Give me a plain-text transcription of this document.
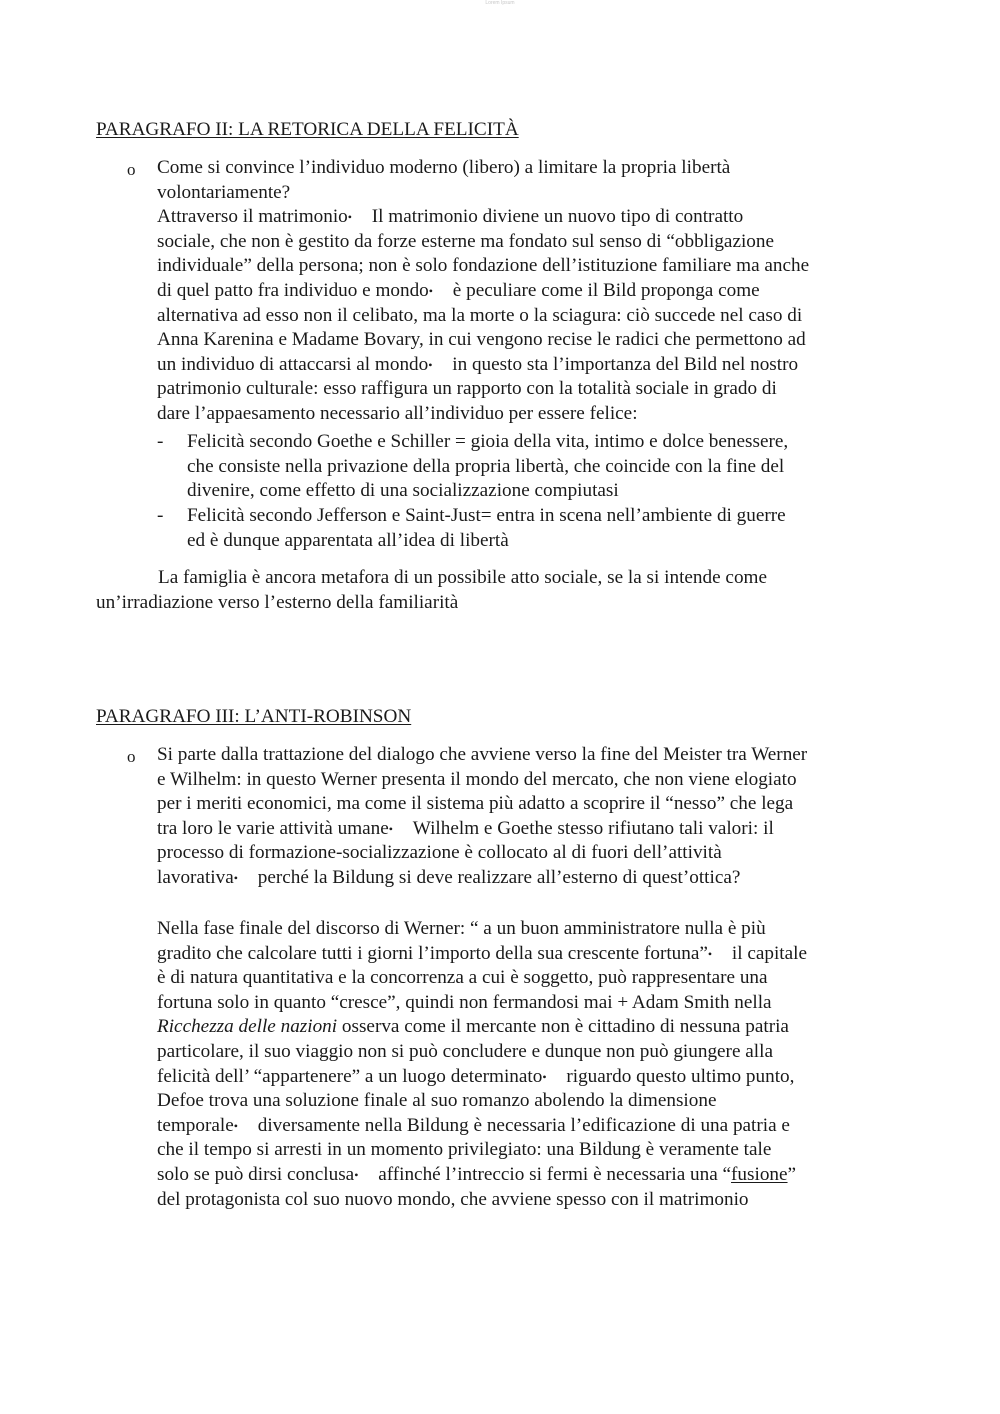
Lorem Ipsum
PARAGRAFO II: LA RETORICA DELLA FELICITÀ
o Come si convince l’individuo moderno (libero) a limitare la propria libertà
volontariamente?
Attraverso il matrimonio• Il matrimonio diviene un nuovo tipo di contratto
sociale, che non è gestito da forze esterne ma fondato sul senso di “obbligazione
individuale” della persona; non è solo fondazione dell’istituzione familiare ma anche
di quel patto fra individuo e mondo• è peculiare come il Bild proponga come
alternativa ad esso non il celibato, ma la morte o la sciagura: ciò succede nel caso di
Anna Karenina e Madame Bovary, in cui vengono recise le radici che permettono ad
un individuo di attaccarsi al mondo• in questo sta l’importanza del Bild nel nostro
patrimonio culturale: esso raffigura un rapporto con la totalità sociale in grado di
dare l’appaesamento necessario all’individuo per essere felice:
- Felicità secondo Goethe e Schiller = gioia della vita, intimo e dolce benessere,
che consiste nella privazione della propria libertà, che coincide con la fine del
divenire, come effetto di una socializzazione compiutasi
- Felicità secondo Jefferson e Saint-Just= entra in scena nell’ambiente di guerre
ed è dunque apparentata all’idea di libertà
La famiglia è ancora metafora di un possibile atto sociale, se la si intende come
un’irradiazione verso l’esterno della familiarità
PARAGRAFO III: L’ANTI-ROBINSON
o Si parte dalla trattazione del dialogo che avviene verso la fine del Meister tra Werner
e Wilhelm: in questo Werner presenta il mondo del mercato, che non viene elogiato
per i meriti economici, ma come il sistema più adatto a scoprire il “nesso” che lega
tra loro le varie attività umane• Wilhelm e Goethe stesso rifiutano tali valori: il
processo di formazione-socializzazione è collocato al di fuori dell’attività
lavorativa• perché la Bildung si deve realizzare all’esterno di quest’ottica?
Nella fase finale del discorso di Werner: “ a un buon amministratore nulla è più
gradito che calcolare tutti i giorni l’importo della sua crescente fortuna”• il capitale
è di natura quantitativa e la concorrenza a cui è soggetto, può rappresentare una
fortuna solo in quanto “cresce”, quindi non fermandosi mai + Adam Smith nella
Ricchezza delle nazioni osserva come il mercante non è cittadino di nessuna patria
particolare, il suo viaggio non si può concludere e dunque non può giungere alla
felicità dell’ “appartenere” a un luogo determinato• riguardo questo ultimo punto,
Defoe trova una soluzione finale al suo romanzo abolendo la dimensione
temporale• diversamente nella Bildung è necessaria l’edificazione di una patria e
che il tempo si arresti in un momento privilegiato: una Bildung è veramente tale
solo se può dirsi conclusa• affinché l’intreccio si fermi è necessaria una “fusione”
del protagonista col suo nuovo mondo, che avviene spesso con il matrimonio
